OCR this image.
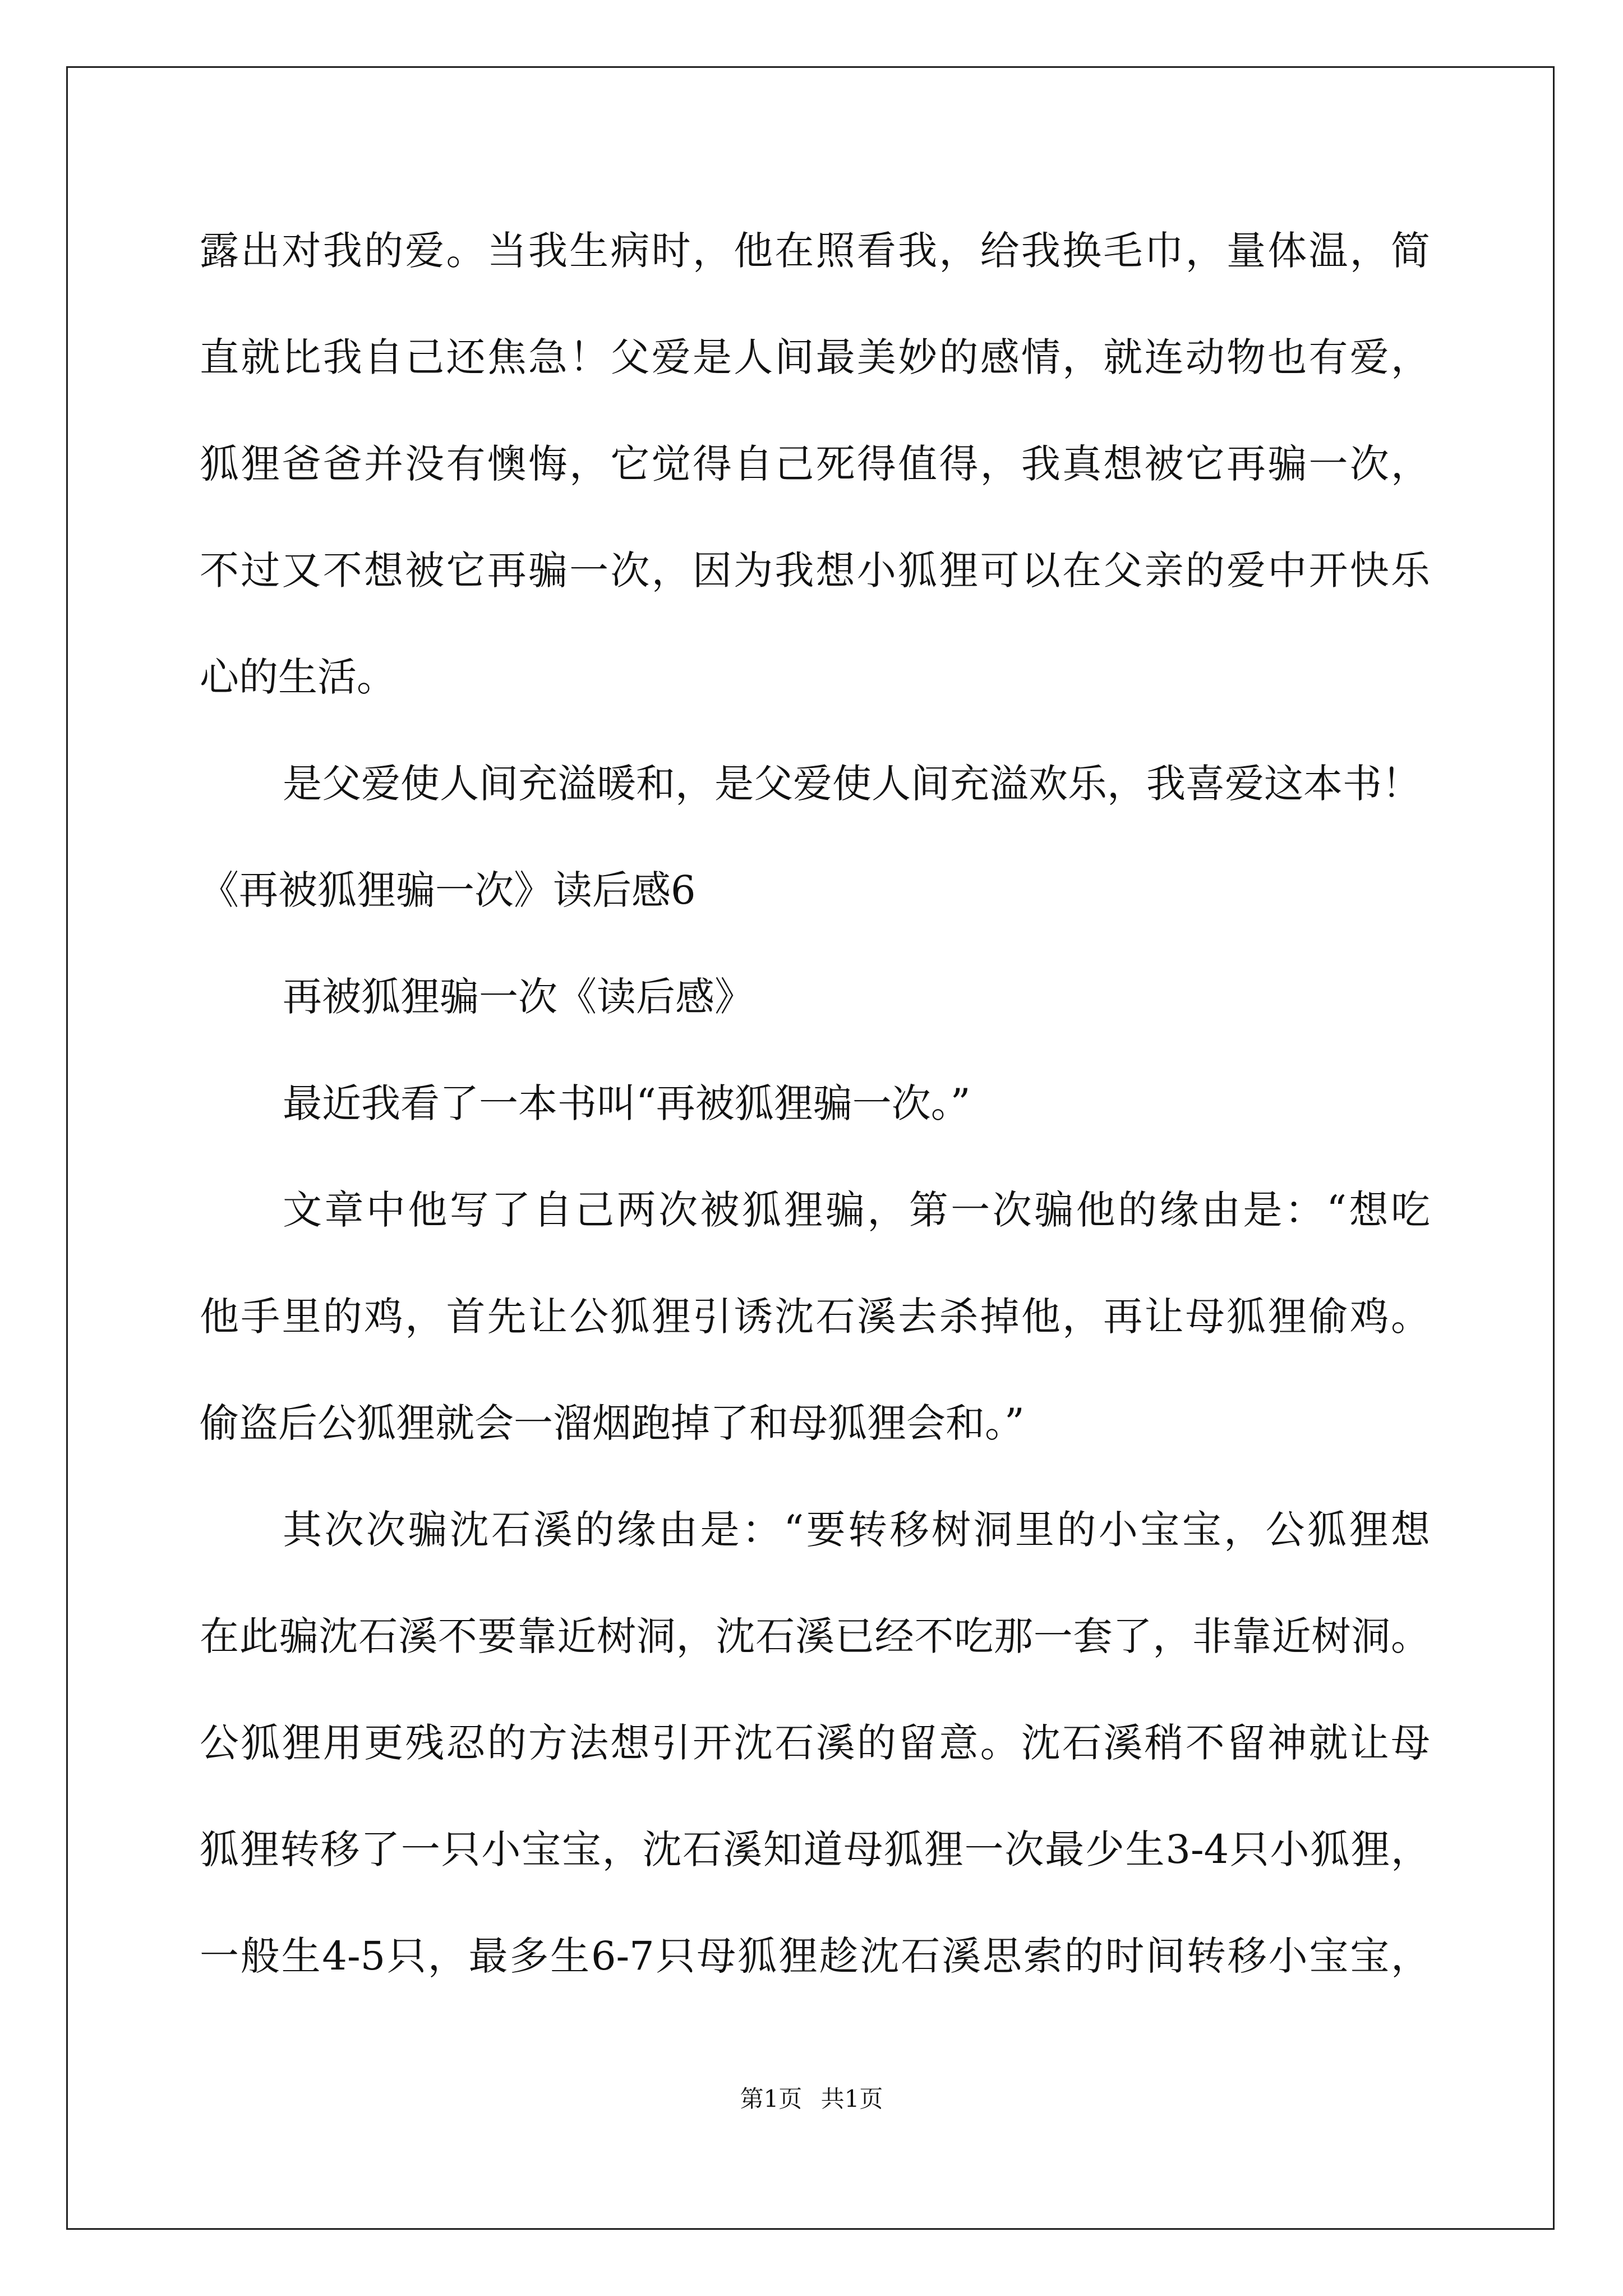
露出对我的爱。当我生病时，他在照看我，给我换毛巾，量体温，简
直就比我自己还焦急！父爱是人间最美妙的感情，就连动物也有爱，
狐狸爸爸并没有懊悔，它觉得自己死得值得，我真想被它再骗一次，
不过又不想被它再骗一次，因为我想小狐狸可以在父亲的爱中开快乐
心的生活。
是父爱使人间充溢暖和，是父爱使人间充溢欢乐，我喜爱这本书！
《再被狐狸骗一次》读后感6
再被狐狸骗一次《读后感》
最近我看了一本书叫“再被狐狸骗一次。”
文章中他写了自己两次被狐狸骗，第一次骗他的缘由是：“想吃
他手里的鸡，首先让公狐狸引诱沈石溪去杀掉他，再让母狐狸偷鸡。
偷盗后公狐狸就会一溜烟跑掉了和母狐狸会和。”
其次次骗沈石溪的缘由是：“要转移树洞里的小宝宝，公狐狸想
在此骗沈石溪不要靠近树洞，沈石溪已经不吃那一套了，非靠近树洞。
公狐狸用更残忍的方法想引开沈石溪的留意。沈石溪稍不留神就让母
狐狸转移了一只小宝宝，沈石溪知道母狐狸一次最少生3-4只小狐狸，
一般生4-5只，最多生6-7只母狐狸趁沈石溪思索的时间转移小宝宝，
第1页 共1页
